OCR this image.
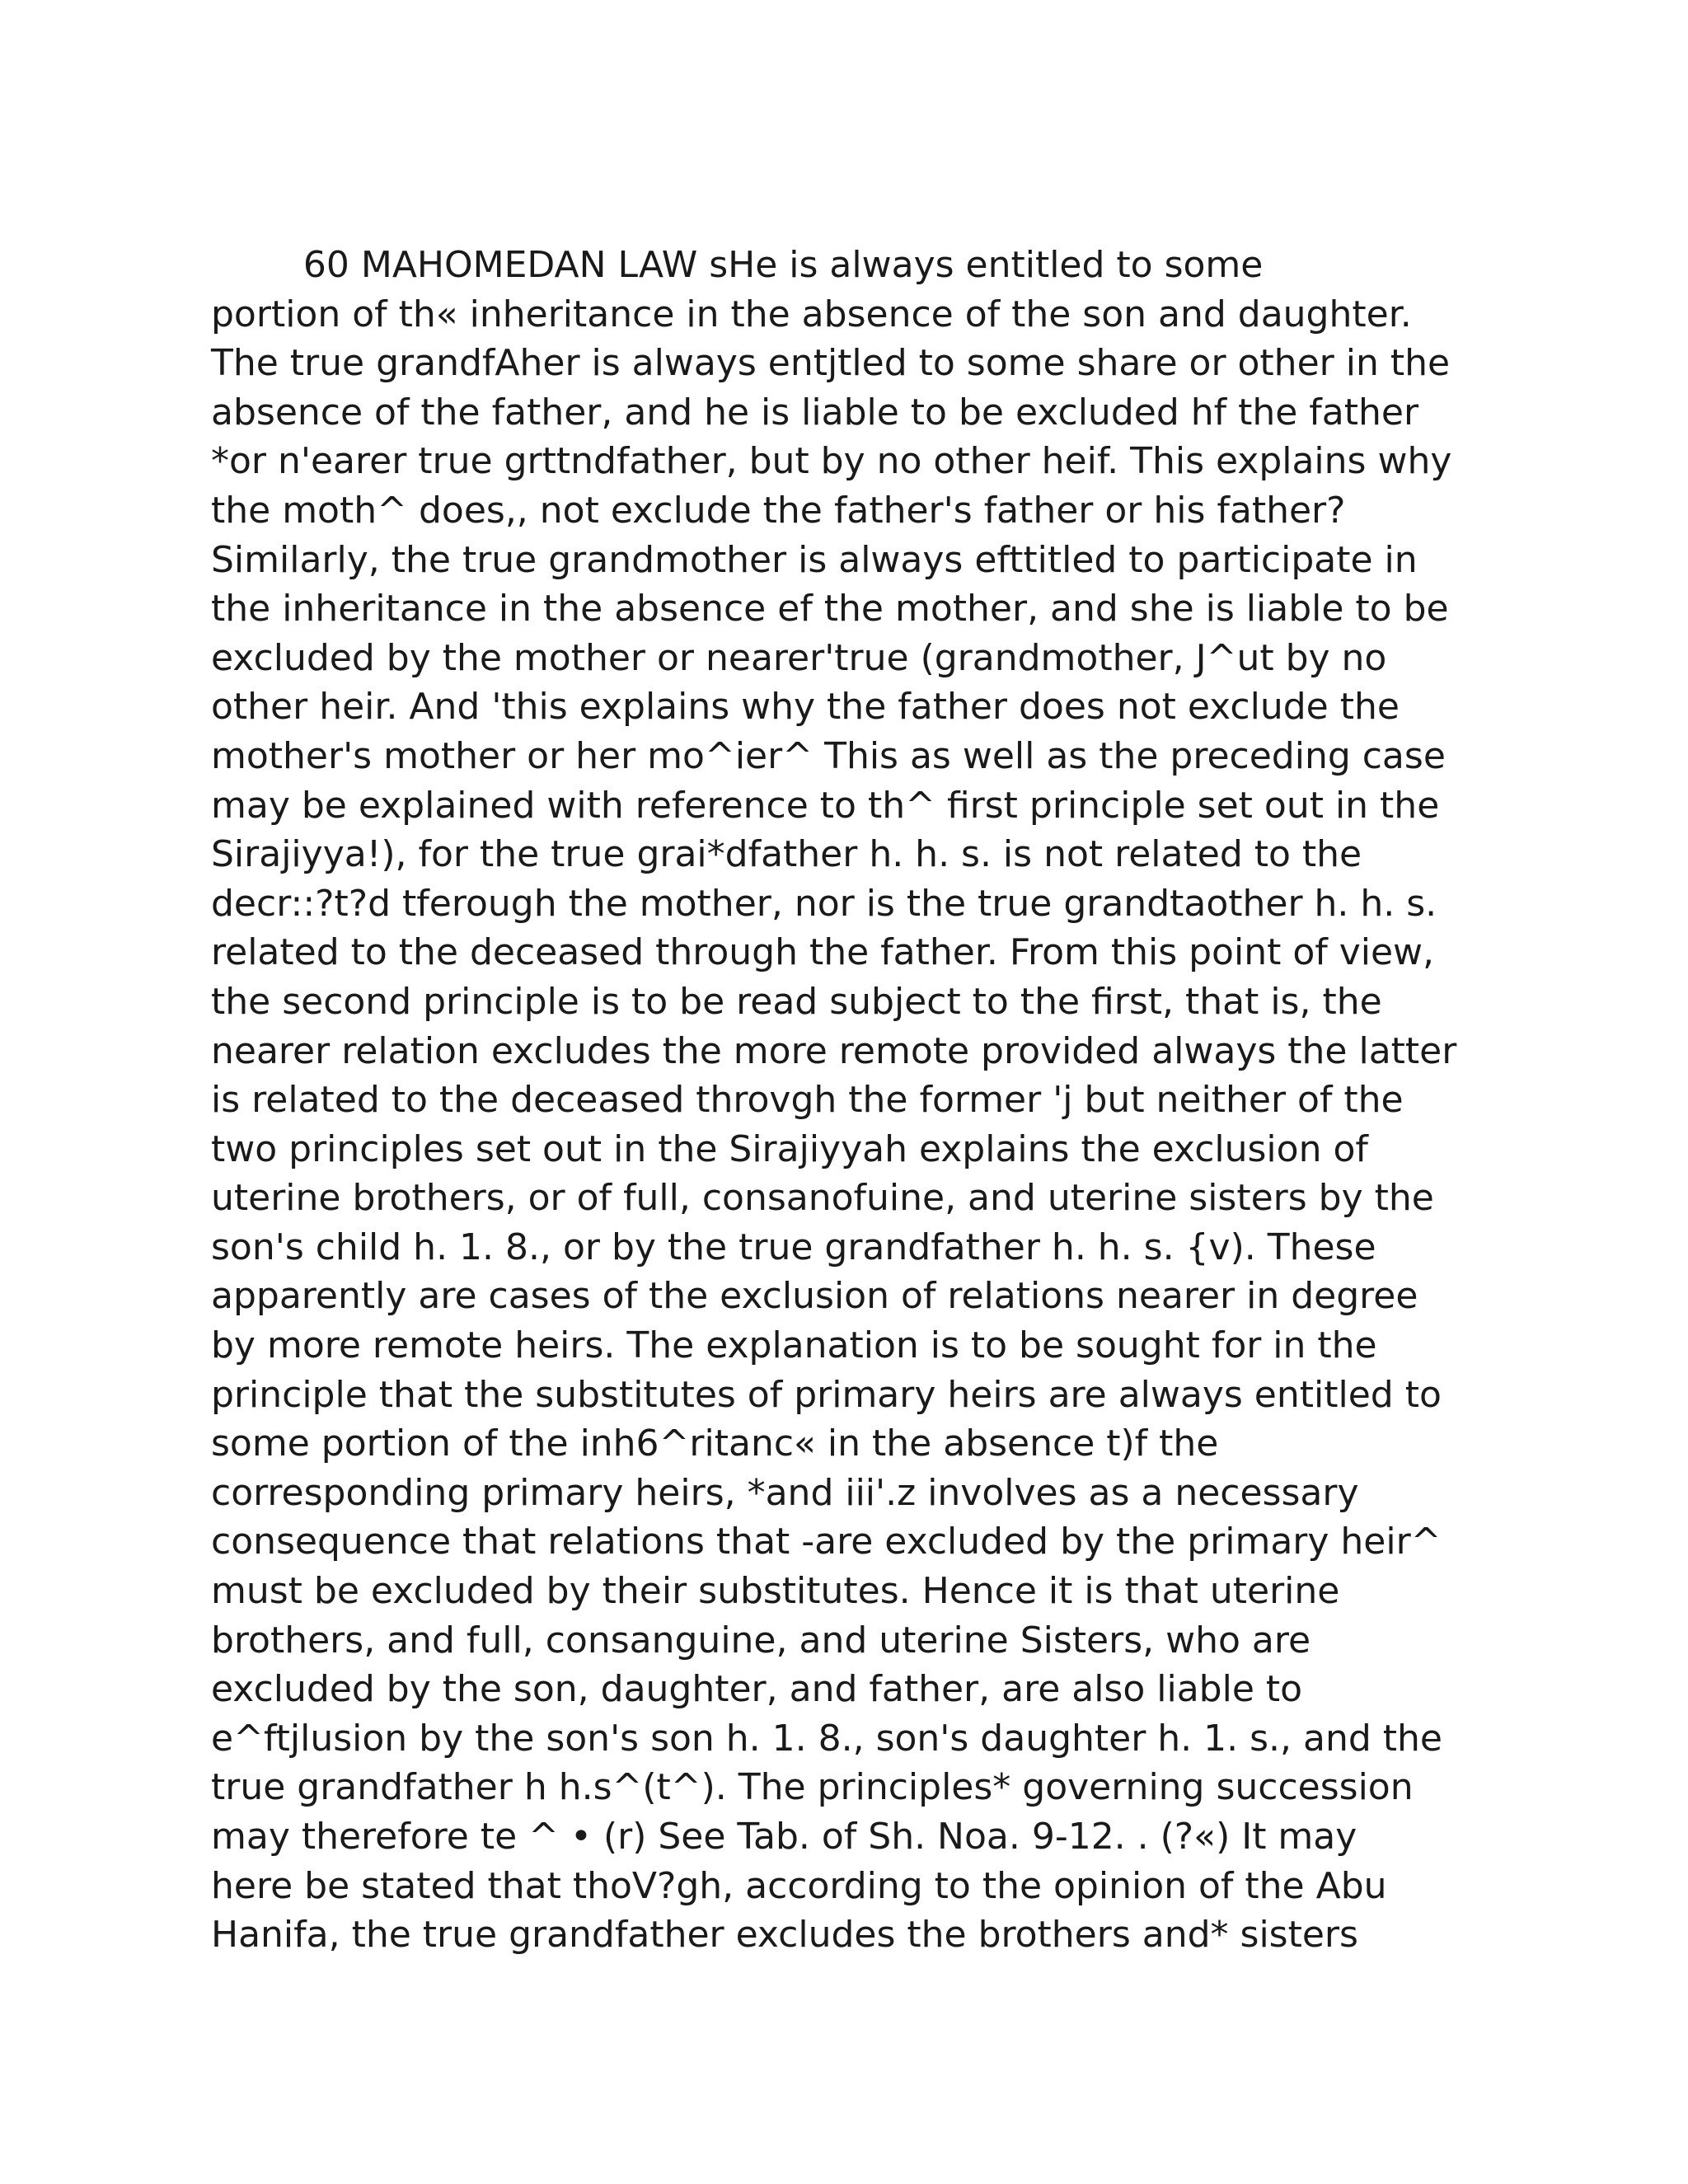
	60 MAHOMEDAN LAW sHe is always entitled to some
portion of th« inheritance in the absence of the son and daughter.
The true grandfAher is always entjtled to some share or other in the
absence of the father, and he is liable to be excluded hf the father
*or n'earer true grttndfather, but by no other heif. This explains why
the moth^ does,, not exclude the father's father or his father?
Similarly, the true grandmother is always efttitled to participate in
the inheritance in the absence ef the mother, and she is liable to be
excluded by the mother or nearer'true (grandmother, J^ut by no
other heir. And 'this explains why the father does not exclude the
mother's mother or her mo^ier^ This as well as the preceding case
may be explained with reference to th^ first principle set out in the
Sirajiyya!), for the true grai*dfather h. h. s. is not related to the
decr::?t?d tferough the mother, nor is the true grandtaother h. h. s.
related to the deceased through the father. From this point of view,
the second principle is to be read subject to the first, that is, the
nearer relation excludes the more remote provided always the latter
is related to the deceased throvgh the former 'j but neither of the
two principles set out in the Sirajiyyah explains the exclusion of
uterine brothers, or of full, consanofuine, and uterine sisters by the
son's child h. 1. 8., or by the true grandfather h. h. s. {v). These
apparently are cases of the exclusion of relations nearer in degree
by more remote heirs. The explanation is to be sought for in the
principle that the substitutes of primary heirs are always entitled to
some portion of the inh6^ritanc« in the absence t)f the
corresponding primary heirs, *and iii'.z involves as a necessary
consequence that relations that -are excluded by the primary heir^
must be excluded by their substitutes. Hence it is that uterine
brothers, and full, consanguine, and uterine Sisters, who are
excluded by the son, daughter, and father, are also liable to
e^ftjlusion by the son's son h. 1. 8., son's daughter h. 1. s., and the
true grandfather h h.s^(t^). The principles* governing succession
may therefore te ^ • (r) See Tab. of Sh. Noa. 9-12. . (?«) It may
here be stated that thoV?gh, according to the opinion of the Abu
Hanifa, the true grandfather excludes the brothers and* sisters
